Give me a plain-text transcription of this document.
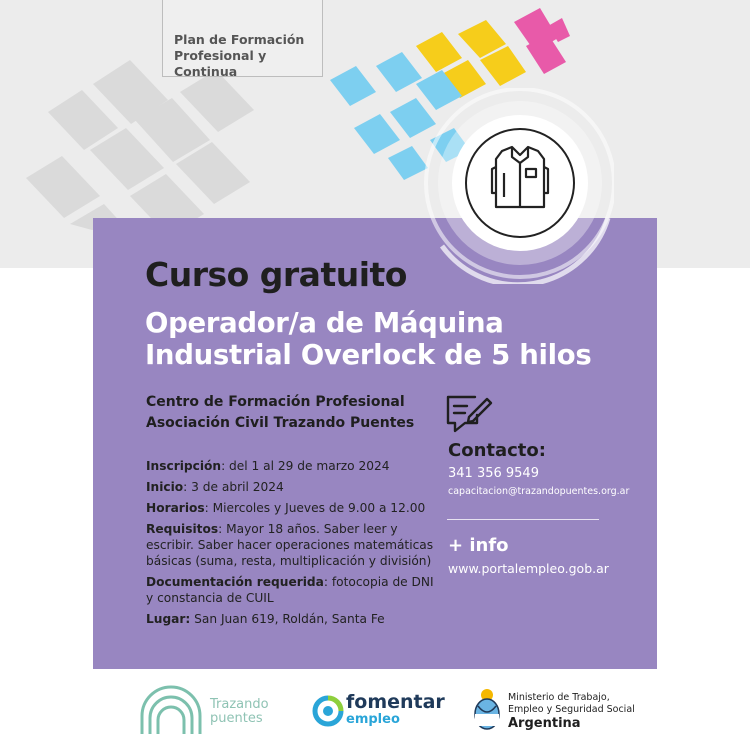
Plan de Formación
Profesional y Continua
Curso gratuito
Operador/a de Máquina
Industrial Overlock de 5 hilos
Centro de Formación Profesional
Asociación Civil Trazando Puentes

Inscripción: del 1 al 29 de marzo 2024

Inicio: 3 de abril 2024

Horarios: Miercoles y Jueves de 9.00 a 12.00

Requisitos: Mayor 18 años. Saber leer y escribir. Saber hacer operaciones matemáticas básicas (suma, resta, multiplicación y división)

Documentación requerida: fotocopia de DNI y constancia de CUIL

Lugar: San Juan 619, Roldán, Santa Fe

Contacto:
341 356 9549
capacitacion@trazandopuentes.org.ar
+ info
www.portalempleo.gob.ar
Trazando
puentes
fomentar
empleo
Ministerio de Trabajo,
Empleo y Seguridad Social
Argentina
